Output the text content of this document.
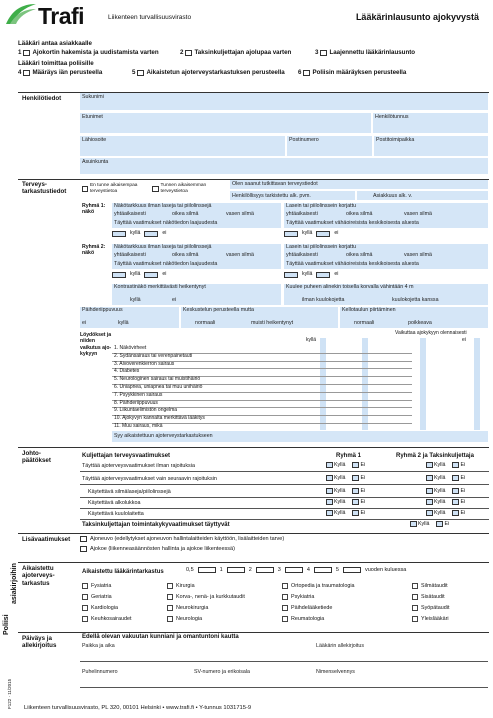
Trafi	Liikenteen turvallisuusvirasto	Lääkärinlausunto ajokyvystä
Lääkäri antaa asiakkaalle
1 Ajokortin hakemista ja uudistamista varten	2 Taksinkuljettajan ajolupaa varten	3 Laajennettu lääkärinlausunto
Lääkäri toimittaa poliisille
4 Määräys iän perusteella	5 Aikaistetun ajoterveystarkastuksen perusteella 6 Poliisin määräyksen perusteella
Henkilötiedot	Sukunimi
Etunimet	Henkilötunnus
Lähiosoite	Postinumero	Postitoimipaikka
Asuinkunta
Terveys-
tarkastustiedot
En tunne aikaisempaa terveystietoa
Tunnen aikaisemman terveystietoa
Olen saanut tutkittavan terveystiedot
Henkilöllisyys tarkistettu alk. pvm.	Asiakkuus alk. v.
Ryhmä 1:
näkö
Näkötarkkuus ilman laseja tai piilolinssejä
yhtäaikaisesti	oikea silmä	vasen silmä
Täyttää vaatimukset näkötiedon laajuudesta
Lasein tai piilolinssein korjattu
yhtäaikaisesti	oikea silmä	vasen silmä
Täyttää vaatimukset vähäoireisista keskikoisesta aluesta
kyllä	ei	kyllä	ei
Ryhmä 2:
näkö
Näkötarkkuus ilman laseja tai piilolinssejä
yhtäaikaisesti	oikea silmä	vasen silmä
Täyttää vaatimukset näkötiedon laajuudesta
Lasein tai piilolinssein korjattu
yhtäaikaisesti	oikea silmä	vasen silmä
Täyttää vaatimukset vähäoireisista keskikoisesta aluesta
kyllä	ei	kyllä	ei
Kontrastinäkö merkittävästi heikentynyt
kyllä	ei
Kuulee puheen alinekin toisella korvalla vähintään 4 m
ilman kuulokojetta	kuulokojetta kanssa
Päihderiippuvuus
ei	kyllä
Keskustelun perusteella mutta
normaali	muisti heikentynyt
Kellotaulun piirtäminen
normaali	poikkeava
Löydökset ja niiden vaikutus ajo-kykyyn
Vaikuttaa ajokykyyn olennaisesti
kyllä	ei
1. Näkövirheet
2. Sydänsairaus tai verenpainetauti
3. Aivoverenkierron sairaus
4. Diabetes
5. Neurologinen sairaus tai muistihäiriö
6. Uniapnea, uniapnea tai muu unihäiriö
7. Psyykkinen sairaus
8. Päihderiippuvuus
9. Liikuntaelimistön ongelma
10. Ajokyvyn kannalta merkittävä lääkitys
11. Muu sairaus, mikä
Syy aikaistettuun ajoterveystarkastukseen
Johto-
päätökset
Kuljettajan terveysvaatimukset	Ryhmä 1	Ryhmä 2 ja Taksinkuljettaja
Täyttää ajoterveysvaatimukset ilman rajoituksia	Kyllä	Ei	Kyllä	Ei
Täyttää ajoterveysvaatimukset vain seuraavin rajoituksin	Kyllä	Ei	Kyllä	Ei
Käytettävä silmälaseja/piilolinssejä	Kyllä	Ei	Kyllä	Ei
Käytettävä alkolukkoa	Kyllä	Ei	Kyllä	Ei
Käytettävä kuulolaitetta	Kyllä	Ei	Kyllä	Ei
Taksinkuljettajan toimintakykyvaatimukset täyttyvät	Kyllä	Ei
Lisävaatimukset	Ajoneuvo (edellytykset ajoneuvon hallintalaitteiden käyttöön, lisälaitteiden tarve)
Ajokoe (liikenneasäännösten hallinta ja ajokoe liikenteessä)
Aikaistettu ajoterveys-tarkastus
Aikaistettu lääkärintarkastus	0,5	1	2	3	4	5	vuoden kuluessa
Fysiatria	Kirurgia	Ortopedia ja traumatologia	Silmätaudit
Geriatria	Korva-, nenä- ja kurkkutaudit	Psykiatria	Sisätaudit
Kardiologia	Neurokirurgia	Päihdelääketiede	Syöpätaudit
Keuhkosairaudet	Neurologia	Reumatologia	Yleislääkäri
Päiväys ja allekirjoitus
Edellä olevan vakuutan kunniani ja omantuntoni kautta
Paikka ja aika	Lääkärin allekirjoitus
Puhelinnumero	SV-numero ja erikoisala	Nimenselvennys
Poliisi
asiakirjoihin
F122 · 11/2015 Liikenteen turvallisuusvirasto, PL 320, 00101 Helsinki • www.trafi.fi • Y-tunnus 1031715-9
